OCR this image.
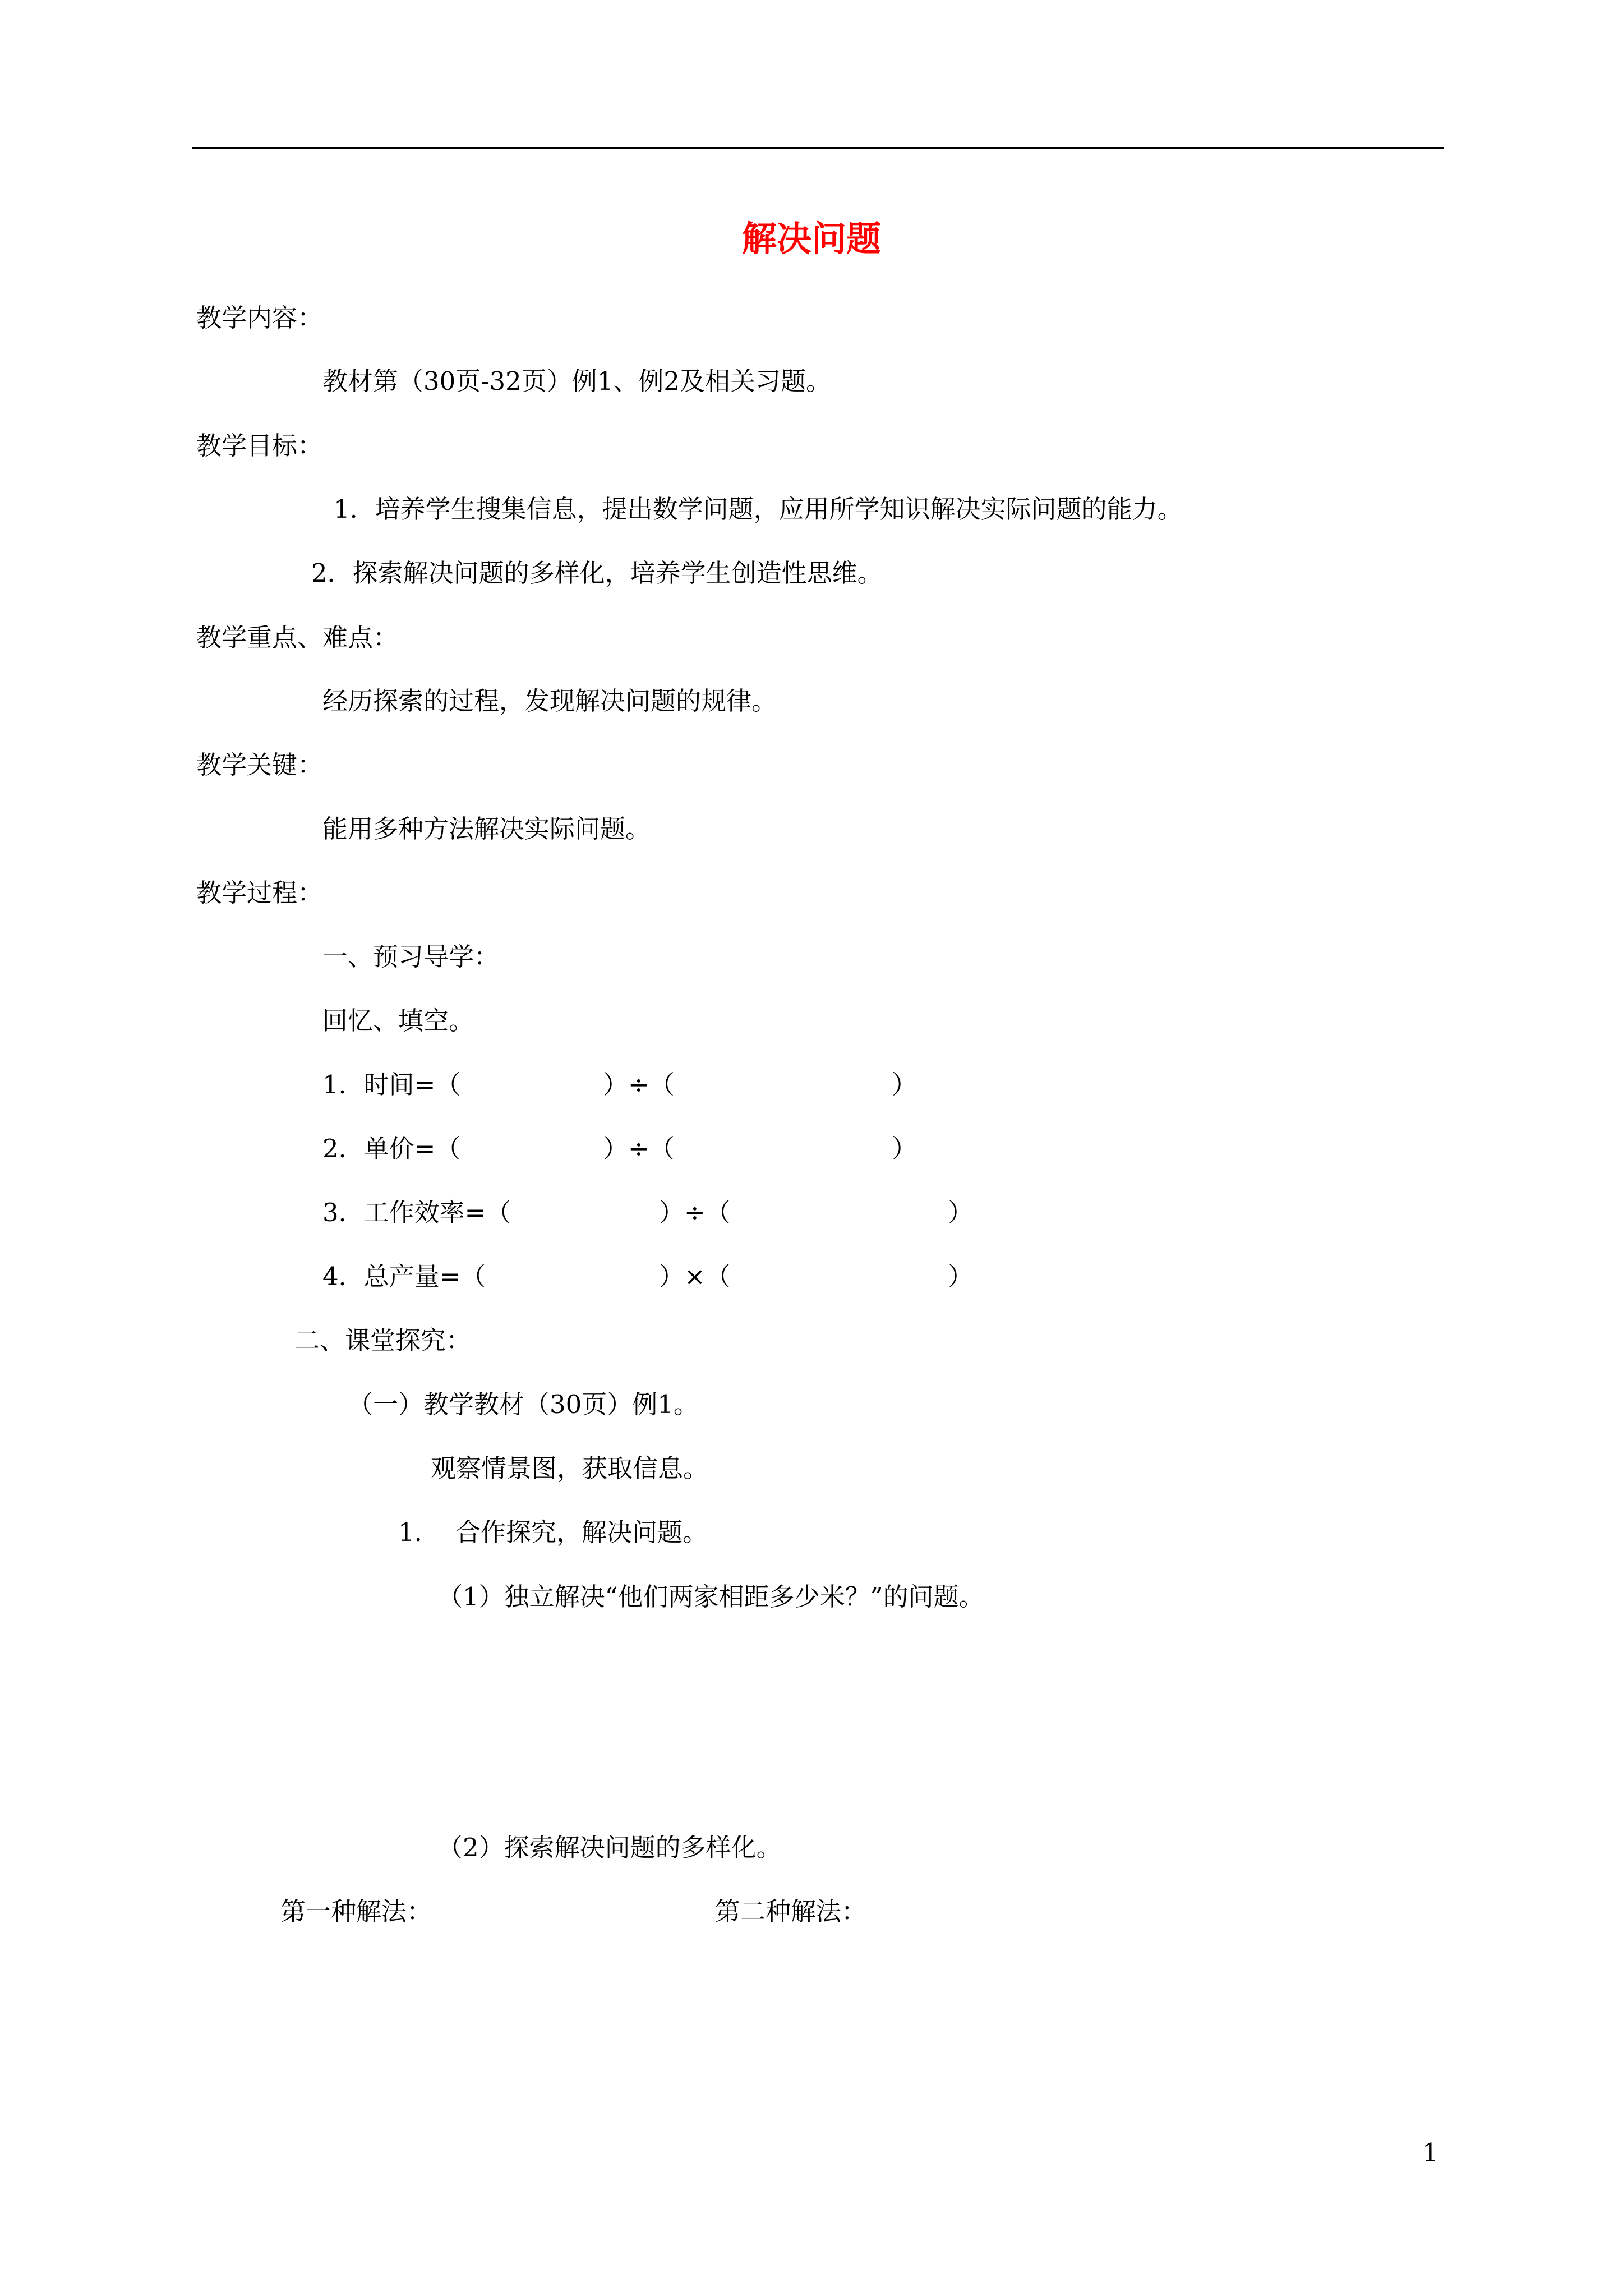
解决问题
教学内容：
教材第（30页-32页）例1、例2及相关习题。
教学目标：
1．培养学生搜集信息，提出数学问题，应用所学知识解决实际问题的能力。
2．探索解决问题的多样化，培养学生创造性思维。
教学重点、难点：
经历探索的过程，发现解决问题的规律。
教学关键：
能用多种方法解决实际问题。
教学过程：
一、预习导学：
回忆、填空。
1．时间=（	）÷（	）
2．单价=（	）÷（	）
3．工作效率=（	）÷（	）
4．总产量=（	）×（	）
二、课堂探究：
（一）教学教材（30页）例1。
观察情景图，获取信息。
1. 合作探究，解决问题。
（1）独立解决“他们两家相距多少米？”的问题。
（2）探索解决问题的多样化。
第一种解法：	第二种解法：
1
